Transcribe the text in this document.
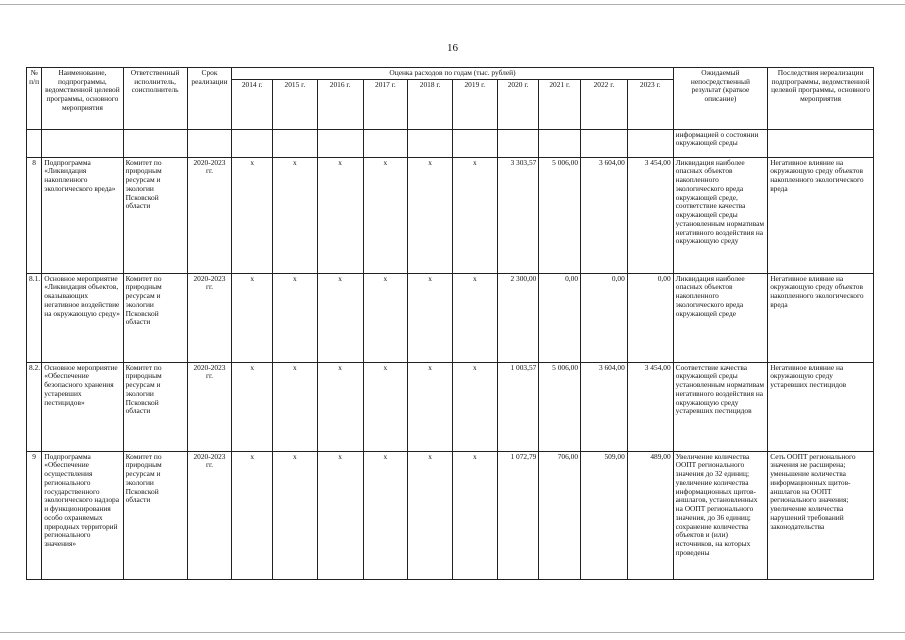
16
№ п/п	Наименование, подпрограммы, ведомственной целевой программы, основного мероприятия	Ответственный исполнитель, соисполнитель	Срок реализации	Оценка расходов по годам (тыс. рублей)										Ожидаемый непосредственный результат (краткое описание)	Последствия нереализации подпрограммы, ведомственной целевой программы, основного мероприятия
				2014 г.	2015 г.	2016 г.	2017 г.	2018 г.	2019 г.	2020 г.	2021 г.	2022 г.	2023 г.		
														информацией о состоянии окружающей среды	
8	Подпрограмма «Ликвидация накопленного экологического вреда»	Комитет по природным ресурсам и экологии Псковской области	2020-2023 гг.	х	х	х	х	х	х	3 303,57	5 006,00	3 604,00	3 454,00	Ликвидация наиболее опасных объектов накопленного экологического вреда окружающей среде, соответствие качества окружающей среды установленным нормативам негативного воздействия на окружающую среду	Негативное влияние на окружающую среду объектов накопленного экологического вреда
8.1.	Основное мероприятие «Ликвидация объектов, оказывающих негативное воздействие на окружающую среду»	Комитет по природным ресурсам и экологии Псковской области	2020-2023 гг.	х	х	х	х	х	х	2 300,00	0,00	0,00	0,00	Ликвидация наиболее опасных объектов накопленного экологического вреда окружающей среде	Негативное влияние на окружающую среду объектов накопленного экологического вреда
8.2.	Основное мероприятие «Обеспечение безопасного хранения устаревших пестицидов»	Комитет по природным ресурсам и экологии Псковской области	2020-2023 гг.	х	х	х	х	х	х	1 003,57	5 006,00	3 604,00	3 454,00	Соответствие качества окружающей среды установленным нормативам негативного воздействия на окружающую среду устаревших пестицидов	Негативное влияние на окружающую среду устаревших пестицидов
9	Подпрограмма «Обеспечение осуществления регионального государственного экологического надзора и функционирования особо охраняемых природных территорий регионального значения»	Комитет по природным ресурсам и экологии Псковской области	2020-2023 гг.	х	х	х	х	х	х	1 072,79	706,00	509,00	489,00	Увеличение количества ООПТ регионального значения до 32 единиц; увеличение количества информационных щитов-аншлагов, установленных на ООПТ регионального значения, до 36 единиц; сохранение количества объектов и (или) источников, на которых проведены	Сеть ООПТ регионального значения не расширена; уменьшение количества информационных щитов-аншлагов на ООПТ регионального значения; увеличение количества нарушений требований законодательства
